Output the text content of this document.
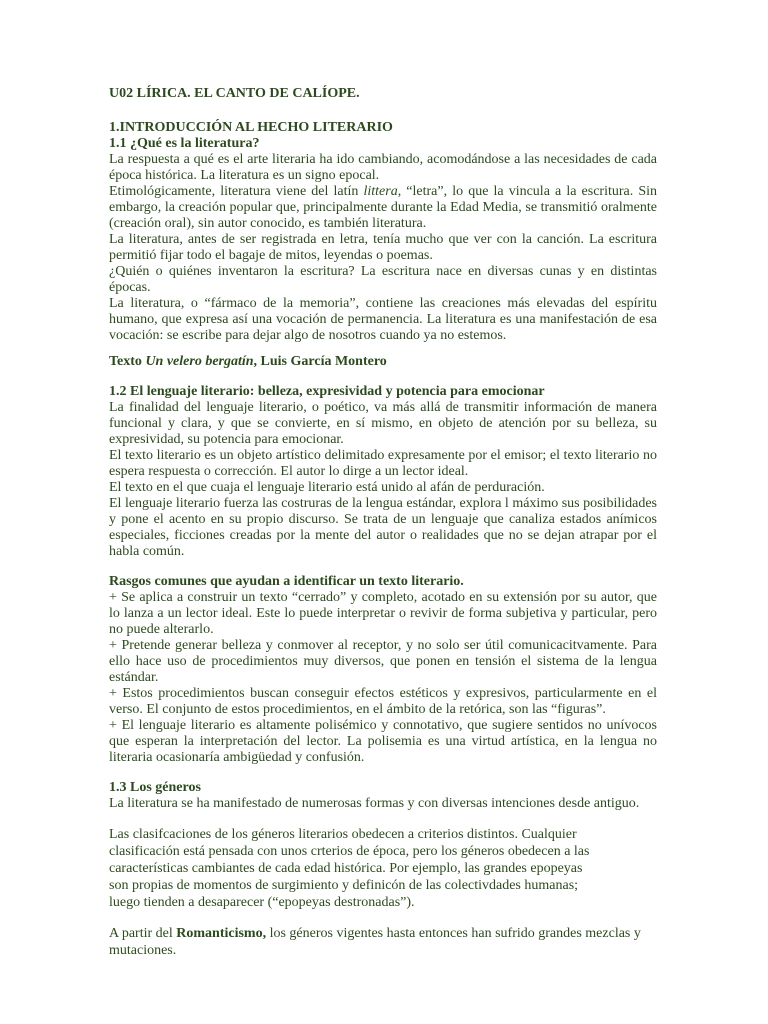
U02 LÍRICA. EL CANTO DE CALÍOPE.

1.INTRODUCCIÓN AL HECHO LITERARIO

1.1 ¿Qué es la literatura?

La respuesta a qué es el arte literaria ha ido cambiando, acomodándose a las necesidades de cada época histórica. La literatura es un signo epocal.

Etimológicamente, literatura viene del latín littera, “letra”, lo que la vincula a la escritura. Sin embargo, la creación popular que, principalmente durante la Edad Media, se transmitió oralmente (creación oral), sin autor conocido, es también literatura.

La literatura, antes de ser registrada en letra, tenía mucho que ver con la canción. La escritura permitió fijar todo el bagaje de mitos, leyendas o poemas.

¿Quién o quiénes inventaron la escritura? La escritura nace en diversas cunas y en distintas épocas.

La literatura, o “fármaco de la memoria”, contiene las creaciones más elevadas del espíritu humano, que expresa así una vocación de permanencia. La literatura es una manifestación de esa vocación: se escribe para dejar algo de nosotros cuando ya no estemos.

Texto Un velero bergatín, Luis García Montero

1.2 El lenguaje literario: belleza, expresividad y potencia para emocionar

La finalidad del lenguaje literario, o poético, va más allá de transmitir información de manera funcional y clara, y que se convierte, en sí mismo, en objeto de atención por su belleza, su expresividad, su potencia para emocionar.

El texto literario es un objeto artístico delimitado expresamente por el emisor; el texto literario no espera respuesta o corrección. El autor lo dirge a un lector ideal.

El texto en el que cuaja el lenguaje literario está unido al afán de perduración.

El lenguaje literario fuerza las costruras de la lengua estándar, explora l máximo sus posibilidades y pone el acento en su propio discurso. Se trata de un lenguaje que canaliza estados anímicos especiales, ficciones creadas por la mente del autor o realidades que no se dejan atrapar por el habla común.

Rasgos comunes que ayudan a identificar un texto literario.

+ Se aplica a construir un texto “cerrado” y completo, acotado en su extensión por su autor, que lo lanza a un lector ideal. Este lo puede interpretar o revivir de forma subjetiva y particular, pero no puede alterarlo.

+ Pretende generar belleza y conmover al receptor, y no solo ser útil comunicacitvamente. Para ello hace uso de procedimientos muy diversos, que ponen en tensión el sistema de la lengua estándar.

+ Estos procedimientos buscan conseguir efectos estéticos y expresivos, particularmente en el verso. El conjunto de estos procedimientos, en el ámbito de la retórica, son las “figuras”.

+ El lenguaje literario es altamente polisémico y connotativo, que sugiere sentidos no unívocos que esperan la interpretación del lector. La polisemia es una virtud artística, en la lengua no literaria ocasionaría ambigüedad y confusión.

1.3 Los géneros

La literatura se ha manifestado de numerosas formas y con diversas intenciones desde antiguo.

Las clasifcaciones de los géneros literarios obedecen a criterios distintos. Cualquier

clasificación está pensada con unos crterios de época, pero los géneros obedecen a las

características cambiantes de cada edad histórica. Por ejemplo, las grandes epopeyas

son propias de momentos de surgimiento y definicón de las colectivdades humanas;

luego tienden a desaparecer (“epopeyas destronadas”).

A partir del Romanticismo, los géneros vigentes hasta entonces han sufrido grandes mezclas y mutaciones.
